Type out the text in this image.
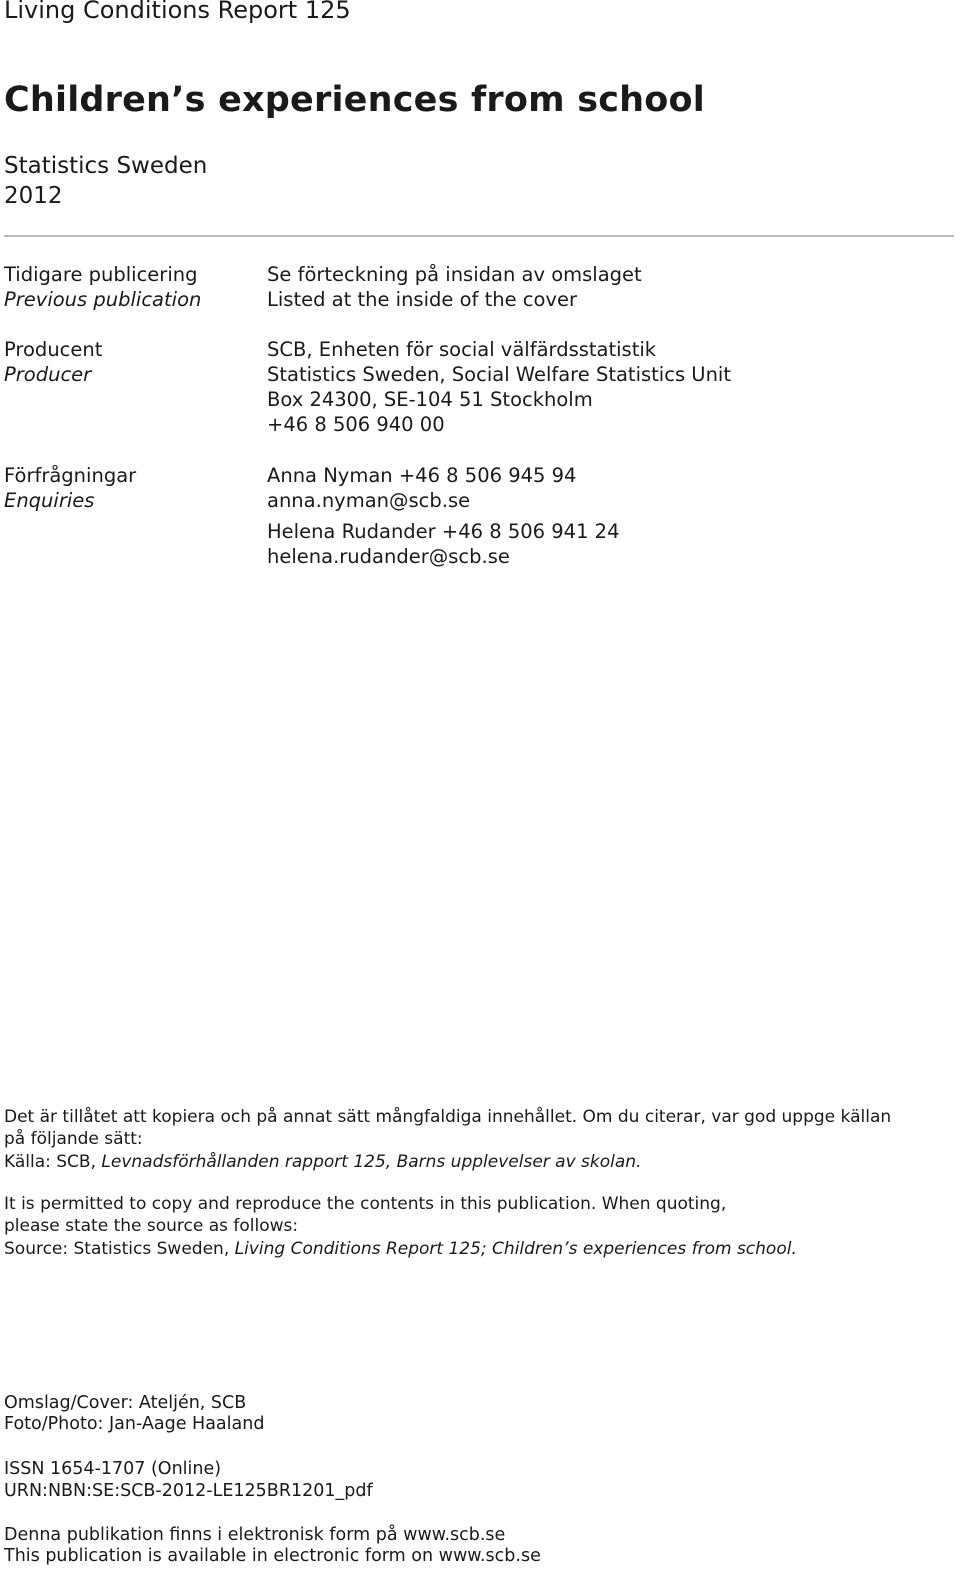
Living Conditions Report 125
Children’s experiences from school
Statistics Sweden
2012
Tidigare publicering
Previous publication
Se förteckning på insidan av omslaget
Listed at the inside of the cover
Producent
Producer
SCB, Enheten för social välfärdsstatistik
Statistics Sweden, Social Welfare Statistics Unit
Box 24300, SE-104 51 Stockholm
+46 8 506 940 00
Förfrågningar
Enquiries
Anna Nyman +46 8 506 945 94
anna.nyman@scb.se
Helena Rudander +46 8 506 941 24
helena.rudander@scb.se
Det är tillåtet att kopiera och på annat sätt mångfaldiga innehållet. Om du citerar, var god uppge källan
på följande sätt:
Källa: SCB, Levnadsförhållanden rapport 125, Barns upplevelser av skolan.
It is permitted to copy and reproduce the contents in this publication. When quoting,
please state the source as follows:
Source: Statistics Sweden, Living Conditions Report 125; Children’s experiences from school.
Omslag/Cover: Ateljén, SCB
Foto/Photo: Jan-Aage Haaland
ISSN 1654-1707 (Online)
URN:NBN:SE:SCB-2012-LE125BR1201_pdf
Denna publikation finns i elektronisk form på www.scb.se
This publication is available in electronic form on www.scb.se
